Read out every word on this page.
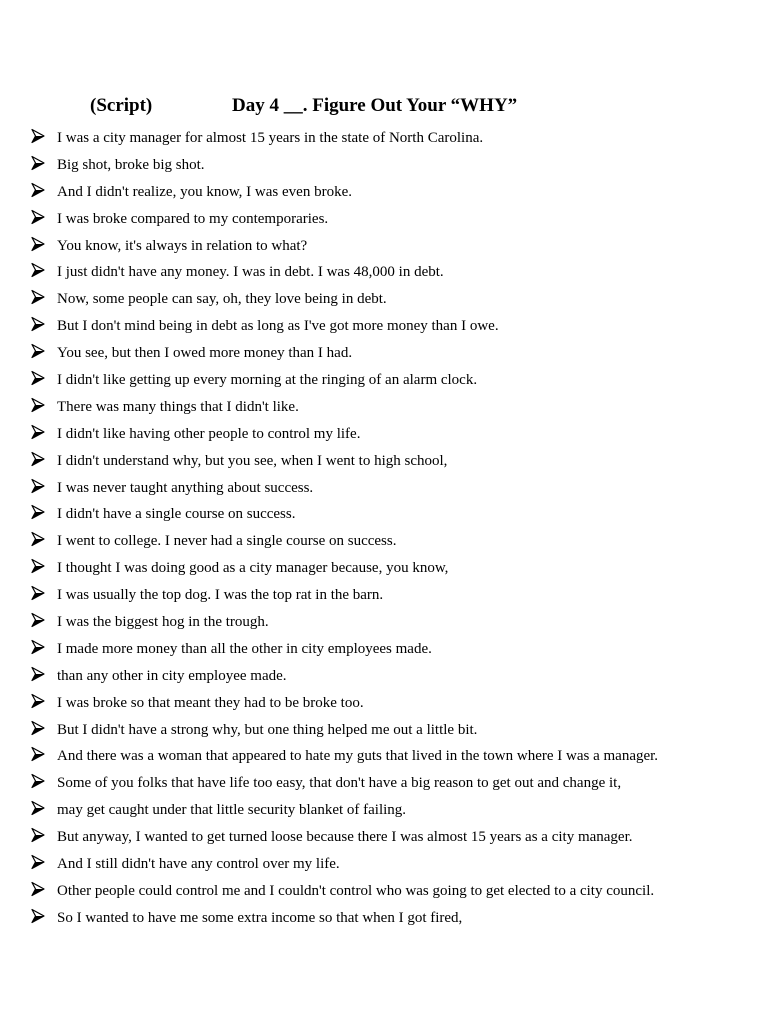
(Script)	Day 4 __. Figure Out Your “WHY”
I was a city manager for almost 15 years in the state of North Carolina.
Big shot, broke big shot.
And I didn't realize, you know, I was even broke.
I was broke compared to my contemporaries.
You know, it's always in relation to what?
I just didn't have any money. I was in debt. I was 48,000 in debt.
Now, some people can say, oh, they love being in debt.
But I don't mind being in debt as long as I've got more money than I owe.
You see, but then I owed more money than I had.
I didn't like getting up every morning at the ringing of an alarm clock.
There was many things that I didn't like.
I didn't like having other people to control my life.
I didn't understand why, but you see, when I went to high school,
I was never taught anything about success.
I didn't have a single course on success.
I went to college. I never had a single course on success.
I thought I was doing good as a city manager because, you know,
I was usually the top dog. I was the top rat in the barn.
I was the biggest hog in the trough.
I made more money than all the other in city employees made.
than any other in city employee made.
I was broke so that meant they had to be broke too.
But I didn't have a strong why, but one thing helped me out a little bit.
And there was a woman that appeared to hate my guts that lived in the town where I was a manager.
Some of you folks that have life too easy, that don't have a big reason to get out and change it,
may get caught under that little security blanket of failing.
But anyway, I wanted to get turned loose because there I was almost 15 years as a city manager.
And I still didn't have any control over my life.
Other people could control me and I couldn't control who was going to get elected to a city council.
So I wanted to have me some extra income so that when I got fired,
